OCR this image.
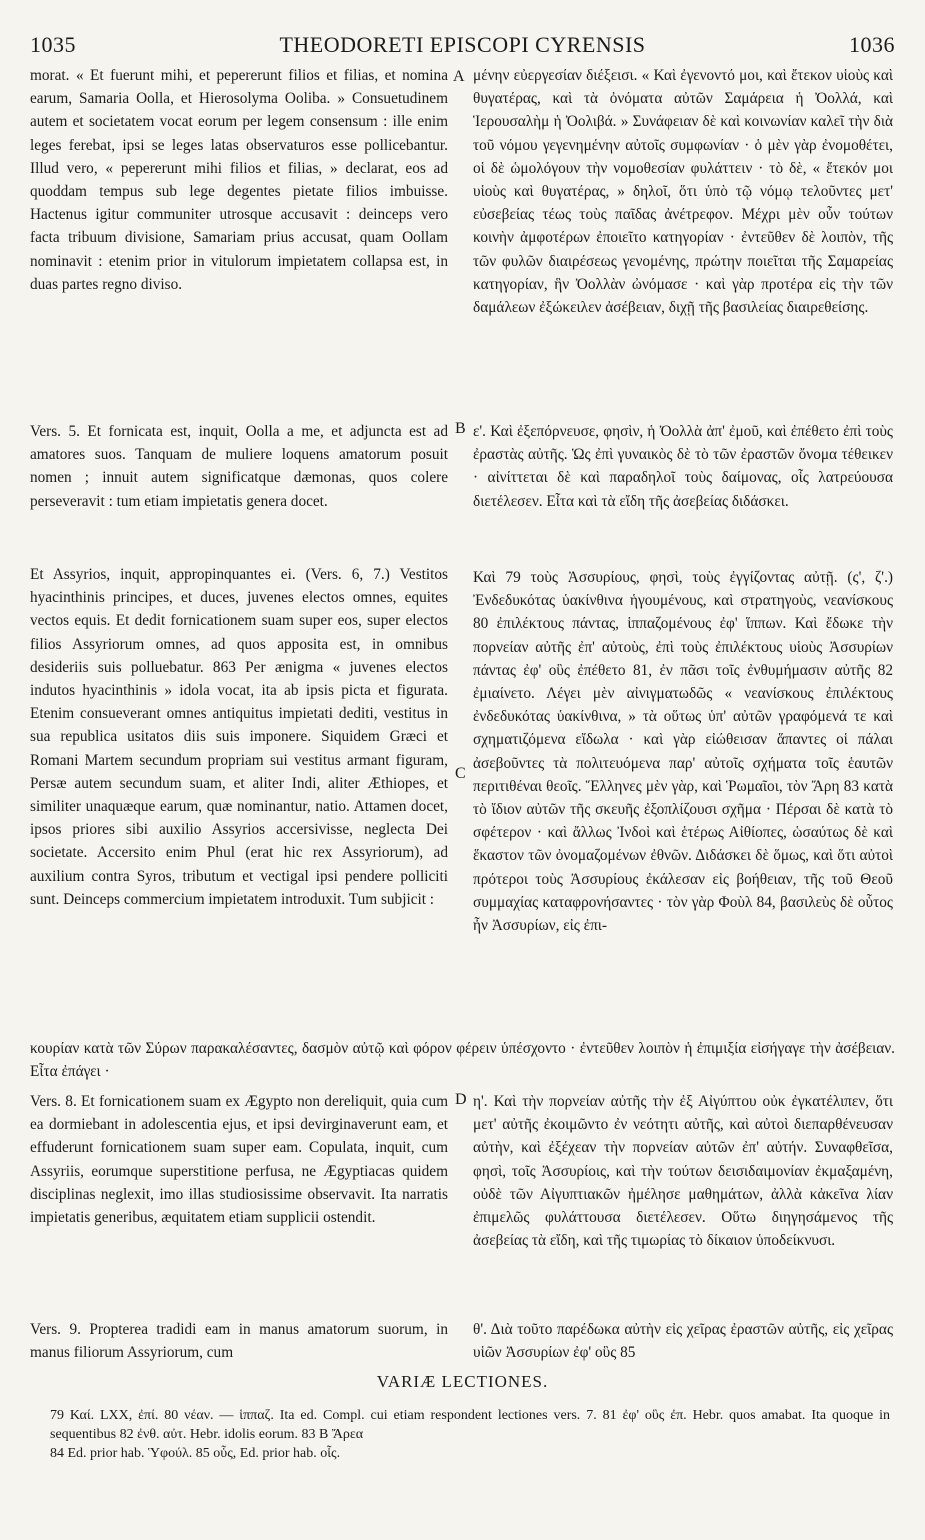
1035	THEODORETI EPISCOPI CYRENSIS	1036
A
B
C
D

morat. « Et fuerunt mihi, et pepererunt filios et filias, et nomina earum, Samaria Oolla, et Hierosolyma Ooliba. » Consuetudinem autem et societatem vocat eorum per legem consensum : ille enim leges ferebat, ipsi se leges latas observaturos esse pollicebantur. Illud vero, « pepererunt mihi filios et filias, » declarat, eos ad quoddam tempus sub lege degentes pietate filios imbuisse. Hactenus igitur communiter utrosque accusavit : deinceps vero facta tribuum divisione, Samariam prius accusat, quam Oollam nominavit : etenim prior in vitulorum impietatem collapsa est, in duas partes regno diviso.

Vers. 5. Et fornicata est, inquit, Oolla a me, et adjuncta est ad amatores suos. Tanquam de muliere loquens amatorum posuit nomen ; innuit autem significatque dæmonas, quos colere perseveravit : tum etiam impietatis genera docet.

Et Assyrios, inquit, appropinquantes ei. (Vers. 6, 7.) Vestitos hyacinthinis principes, et duces, juvenes electos omnes, equites vectos equis. Et dedit fornicationem suam super eos, super electos filios Assyriorum omnes, ad quos apposita est, in omnibus desideriis suis polluebatur. 863 Per ænigma « juvenes electos indutos hyacinthinis » idola vocat, ita ab ipsis picta et figurata. Etenim consueverant omnes antiquitus impietati dediti, vestitus in sua republica usitatos diis suis imponere. Siquidem Græci et Romani Martem secundum propriam sui vestitus armant figuram, Persæ autem secundum suam, et aliter Indi, aliter Æthiopes, et similiter unaquæque earum, quæ nominantur, natio. Attamen docet, ipsos priores sibi auxilio Assyrios accersivisse, neglecta Dei societate. Accersito enim Phul (erat hic rex Assyriorum), ad auxilium contra Syros, tributum et vectigal ipsi pendere polliciti sunt. Deinceps commercium impietatem introduxit. Tum subjicit :

Vers. 8. Et fornicationem suam ex Ægypto non dereliquit, quia cum ea dormiebant in adolescentia ejus, et ipsi devirginaverunt eam, et effuderunt fornicationem suam super eam. Copulata, inquit, cum Assyriis, eorumque superstitione perfusa, ne Ægyptiacas quidem disciplinas neglexit, imo illas studiosissime observavit. Ita narratis impietatis generibus, æquitatem etiam supplicii ostendit.

Vers. 9. Propterea tradidi eam in manus amatorum suorum, in manus filiorum Assyriorum, cum

μένην εὐεργεσίαν διέξεισι. « Καὶ ἐγενοντό μοι, καὶ ἔτεκον υἱοὺς καὶ θυγατέρας, καὶ τὰ ὀνόματα αὐτῶν Σαμάρεια ἡ Ὀολλά, καὶ Ἱερουσαλὴμ ἡ Ὀολιβά. » Συνάφειαν δὲ καὶ κοινωνίαν καλεῖ τὴν διὰ τοῦ νόμου γεγενημένην αὐτοῖς συμφωνίαν · ὁ μὲν γὰρ ἐνομοθέτει, οἱ δὲ ὡμολόγουν τὴν νομοθεσίαν φυλάττειν · τὸ δὲ, « ἔτεκόν μοι υἱοὺς καὶ θυγατέρας, » δηλοῖ, ὅτι ὑπὸ τῷ νόμῳ τελοῦντες μετ' εὐσεβείας τέως τοὺς παῖδας ἀνέτρεφον. Μέχρι μὲν οὖν τούτων κοινὴν ἀμφοτέρων ἐποιεῖτο κατηγορίαν · ἐντεῦθεν δὲ λοιπὸν, τῆς τῶν φυλῶν διαιρέσεως γενομένης, πρώτην ποιεῖται τῆς Σαμαρείας κατηγορίαν, ἣν Ὀολλὰν ὠνόμασε · καὶ γὰρ προτέρα εἰς τὴν τῶν δαμάλεων ἐξώκειλεν ἀσέβειαν, διχῇ τῆς βασιλείας διαιρεθείσης.

ε'. Καὶ ἐξεπόρνευσε, φησὶν, ἡ Ὀολλὰ ἀπ' ἐμοῦ, καὶ ἐπέθετο ἐπὶ τοὺς ἐραστὰς αὐτῆς. Ὡς ἐπὶ γυναικὸς δὲ τὸ τῶν ἐραστῶν ὄνομα τέθεικεν · αἰνίττεται δὲ καὶ παραδηλοῖ τοὺς δαίμονας, οἷς λατρεύουσα διετέλεσεν. Εἶτα καὶ τὰ εἴδη τῆς ἀσεβείας διδάσκει.

Καὶ 79 τοὺς Ἀσσυρίους, φησὶ, τοὺς ἐγγίζοντας αὐτῇ. (ς', ζ'.) Ἐνδεδυκότας ὑακίνθινα ἡγουμένους, καὶ στρατηγοὺς, νεανίσκους 80 ἐπιλέκτους πάντας, ἱππαζομένους ἐφ' ἵππων. Καὶ ἔδωκε τὴν πορνείαν αὐτῆς ἐπ' αὐτοὺς, ἐπὶ τοὺς ἐπιλέκτους υἱοὺς Ἀσσυρίων πάντας ἐφ' οὓς ἐπέθετο 81, ἐν πᾶσι τοῖς ἐνθυμήμασιν αὐτῆς 82 ἐμιαίνετο. Λέγει μὲν αἰνιγματωδῶς « νεανίσκους ἐπιλέκτους ἐνδεδυκότας ὑακίνθινα, » τὰ οὕτως ὑπ' αὐτῶν γραφόμενά τε καὶ σχηματιζόμενα εἴδωλα · καὶ γὰρ εἰώθεισαν ἅπαντες οἱ πάλαι ἀσεβοῦντες τὰ πολιτευόμενα παρ' αὐτοῖς σχήματα τοῖς ἑαυτῶν περιτιθέναι θεοῖς. Ἕλληνες μὲν γὰρ, καὶ Ῥωμαῖοι, τὸν Ἄρη 83 κατὰ τὸ ἴδιον αὐτῶν τῆς σκευῆς ἐξοπλίζουσι σχῆμα · Πέρσαι δὲ κατὰ τὸ σφέτερον · καὶ ἄλλως Ἰνδοὶ καὶ ἑτέρως Αἰθίοπες, ὡσαύτως δὲ καὶ ἕκαστον τῶν ὀνομαζομένων ἐθνῶν. Διδάσκει δὲ ὅμως, καὶ ὅτι αὐτοὶ πρότεροι τοὺς Ἀσσυρίους ἐκάλεσαν εἰς βοήθειαν, τῆς τοῦ Θεοῦ συμμαχίας καταφρονήσαντες · τὸν γὰρ Φοὺλ 84, βασιλεὺς δὲ οὗτος ἦν Ἀσσυρίων, εἰς ἐπι-

κουρίαν κατὰ τῶν Σύρων παρακαλέσαντες, δασμὸν αὐτῷ καὶ φόρον φέρειν ὑπέσχοντο · ἐντεῦθεν λοιπὸν ἡ ἐπιμιξία εἰσήγαγε τὴν ἀσέβειαν. Εἶτα ἐπάγει ·

η'. Καὶ τὴν πορνείαν αὐτῆς τὴν ἐξ Αἰγύπτου οὐκ ἐγκατέλιπεν, ὅτι μετ' αὐτῆς ἐκοιμῶντο ἐν νεότητι αὐτῆς, καὶ αὐτοὶ διεπαρθένευσαν αὐτὴν, καὶ ἐξέχεαν τὴν πορνείαν αὐτῶν ἐπ' αὐτήν. Συναφθεῖσα, φησὶ, τοῖς Ἀσσυρίοις, καὶ τὴν τούτων δεισιδαιμονίαν ἐκμαξαμένη, οὐδὲ τῶν Αἰγυπτιακῶν ἠμέλησε μαθημάτων, ἀλλὰ κἀκεῖνα λίαν ἐπιμελῶς φυλάττουσα διετέλεσεν. Οὕτω διηγησάμενος τῆς ἀσεβείας τὰ εἴδη, καὶ τῆς τιμωρίας τὸ δίκαιον ὑποδείκνυσι.

θ'. Διὰ τοῦτο παρέδωκα αὐτὴν εἰς χεῖρας ἐραστῶν αὐτῆς, εἰς χεῖρας υἱῶν Ἀσσυρίων ἐφ' οὓς 85

VARIÆ LECTIONES.

79 Καί. LXX, ἐπί. 80 νέαν. — ἱππαζ. Ita ed. Compl. cui etiam respondent lectiones vers. 7. 81 ἐφ' οὓς ἐπ. Hebr. quos amabat. Ita quoque in sequentibus 82 ἐνθ. αὐτ. Hebr. idolis eorum. 83 B Ἄρεα

84 Ed. prior hab. Ὑφούλ. 85 οὗς, Ed. prior hab. οἷς.
